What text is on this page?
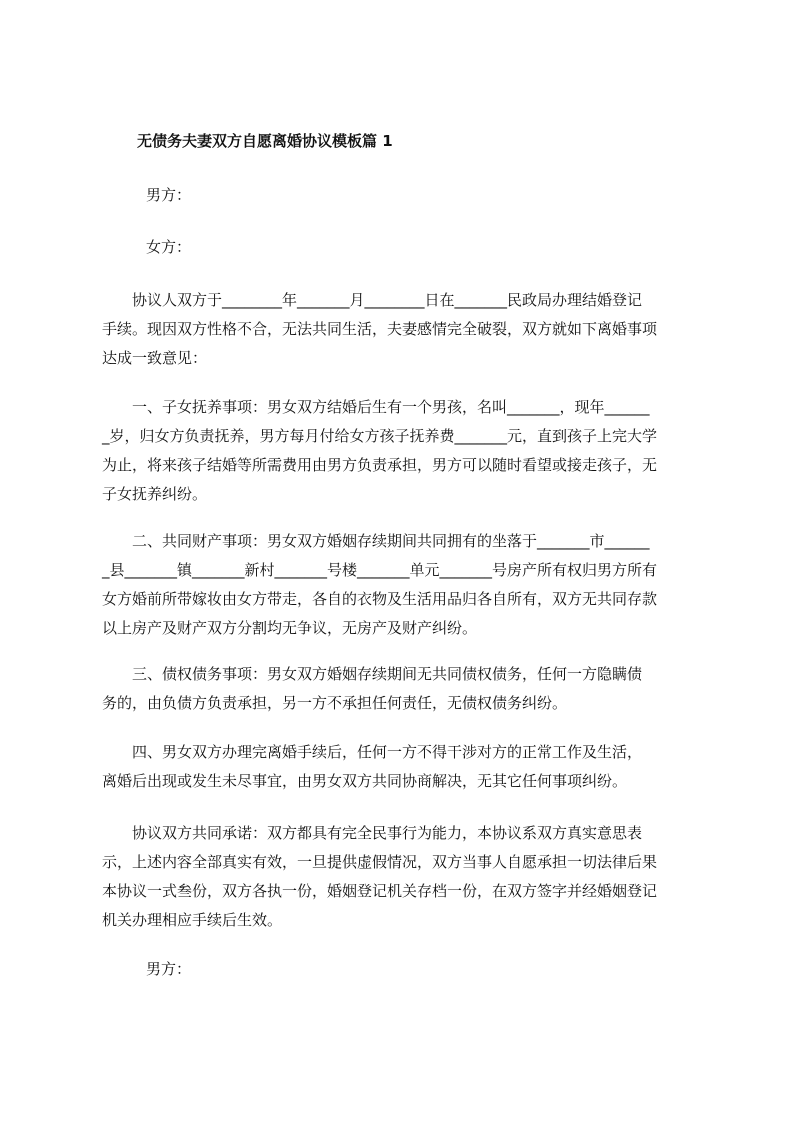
无债务夫妻双方自愿离婚协议模板篇 1
男方：
女方：
　　协议人双方于________年_______月________日在_______民政局办理结婚登记
手续。现因双方性格不合，无法共同生活，夫妻感情完全破裂，双方就如下离婚事项
达成一致意见：
　　一、子女抚养事项：男女双方结婚后生有一个男孩，名叫_______，现年______
_岁，归女方负责抚养，男方每月付给女方孩子抚养费_______元，直到孩子上完大学
为止，将来孩子结婚等所需费用由男方负责承担，男方可以随时看望或接走孩子，无
子女抚养纠纷。
　　二、共同财产事项：男女双方婚姻存续期间共同拥有的坐落于_______市______
_县_______镇_______新村_______号楼_______单元_______号房产所有权归男方所有
女方婚前所带嫁妆由女方带走，各自的衣物及生活用品归各自所有，双方无共同存款
以上房产及财产双方分割均无争议，无房产及财产纠纷。
　　三、债权债务事项：男女双方婚姻存续期间无共同债权债务，任何一方隐瞒债
务的，由负债方负责承担，另一方不承担任何责任，无债权债务纠纷。
　　四、男女双方办理完离婚手续后，任何一方不得干涉对方的正常工作及生活，
离婚后出现或发生未尽事宜，由男女双方共同协商解决，无其它任何事项纠纷。
　　协议双方共同承诺：双方都具有完全民事行为能力，本协议系双方真实意思表
示，上述内容全部真实有效，一旦提供虚假情况，双方当事人自愿承担一切法律后果
本协议一式叁份，双方各执一份，婚姻登记机关存档一份，在双方签字并经婚姻登记
机关办理相应手续后生效。
男方：
